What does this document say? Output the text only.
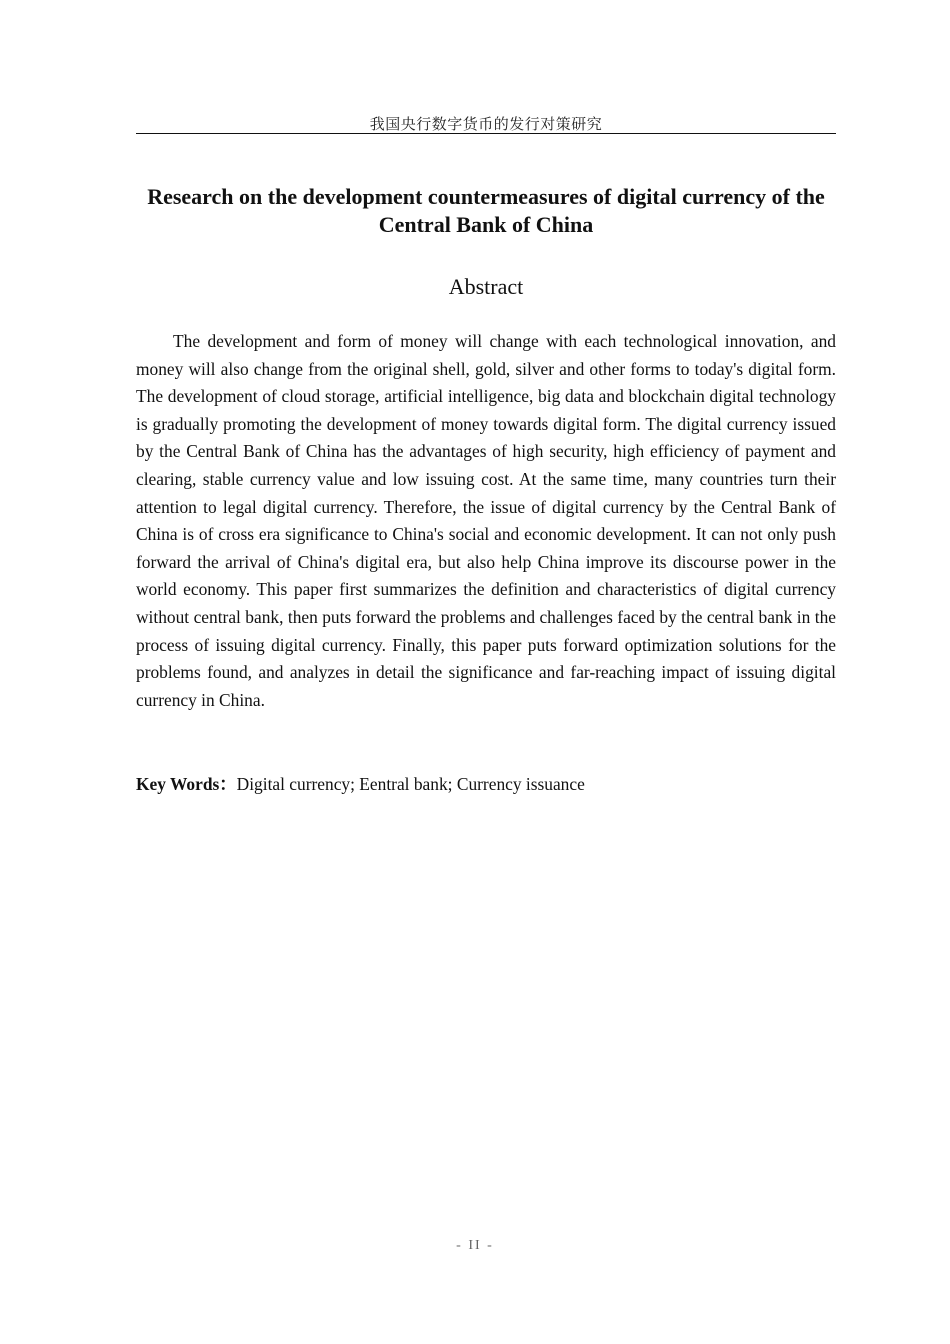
我国央行数字货币的发行对策研究
Research on the development countermeasures of digital currency of the Central Bank of China
Abstract

The development and form of money will change with each technological innovation, and money will also change from the original shell, gold, silver and other forms to today's digital form. The development of cloud storage, artificial intelligence, big data and blockchain digital technology is gradually promoting the development of money towards digital form. The digital currency issued by the Central Bank of China has the advantages of high security, high efficiency of payment and clearing, stable currency value and low issuing cost. At the same time, many countries turn their attention to legal digital currency. Therefore, the issue of digital currency by the Central Bank of China is of cross era significance to China's social and economic development. It can not only push forward the arrival of China's digital era, but also help China improve its discourse power in the world economy. This paper first summarizes the definition and characteristics of digital currency without central bank, then puts forward the problems and challenges faced by the central bank in the process of issuing digital currency. Finally, this paper puts forward optimization solutions for the problems found, and analyzes in detail the significance and far-reaching impact of issuing digital currency in China.

Key Words：Digital currency; Eentral bank; Currency issuance

- II -
